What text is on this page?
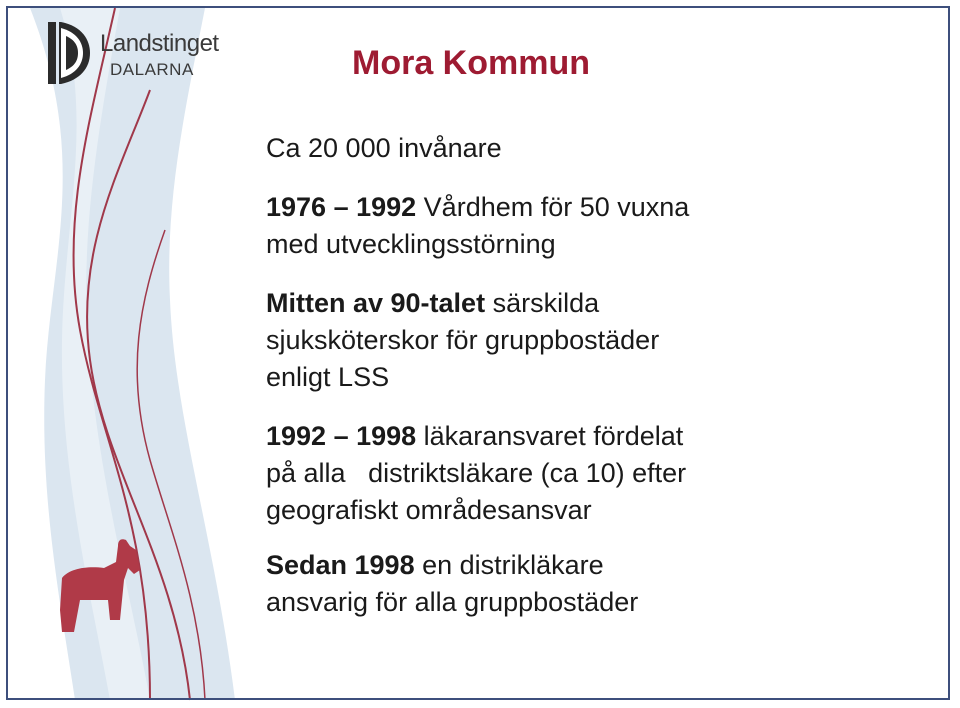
Landstinget
DALARNA	Mora Kommun
Ca 20 000 invånare
1976 – 1992 Vårdhem för 50 vuxna
med utvecklingsstörning
Mitten av 90-talet särskilda
sjuksköterskor för gruppbostäder
enligt LSS
1992 – 1998 läkaransvaret fördelat
på alla   distriktsläkare (ca 10) efter
geografiskt områdesansvar
Sedan 1998 en distrikläkare
ansvarig för alla gruppbostäder
